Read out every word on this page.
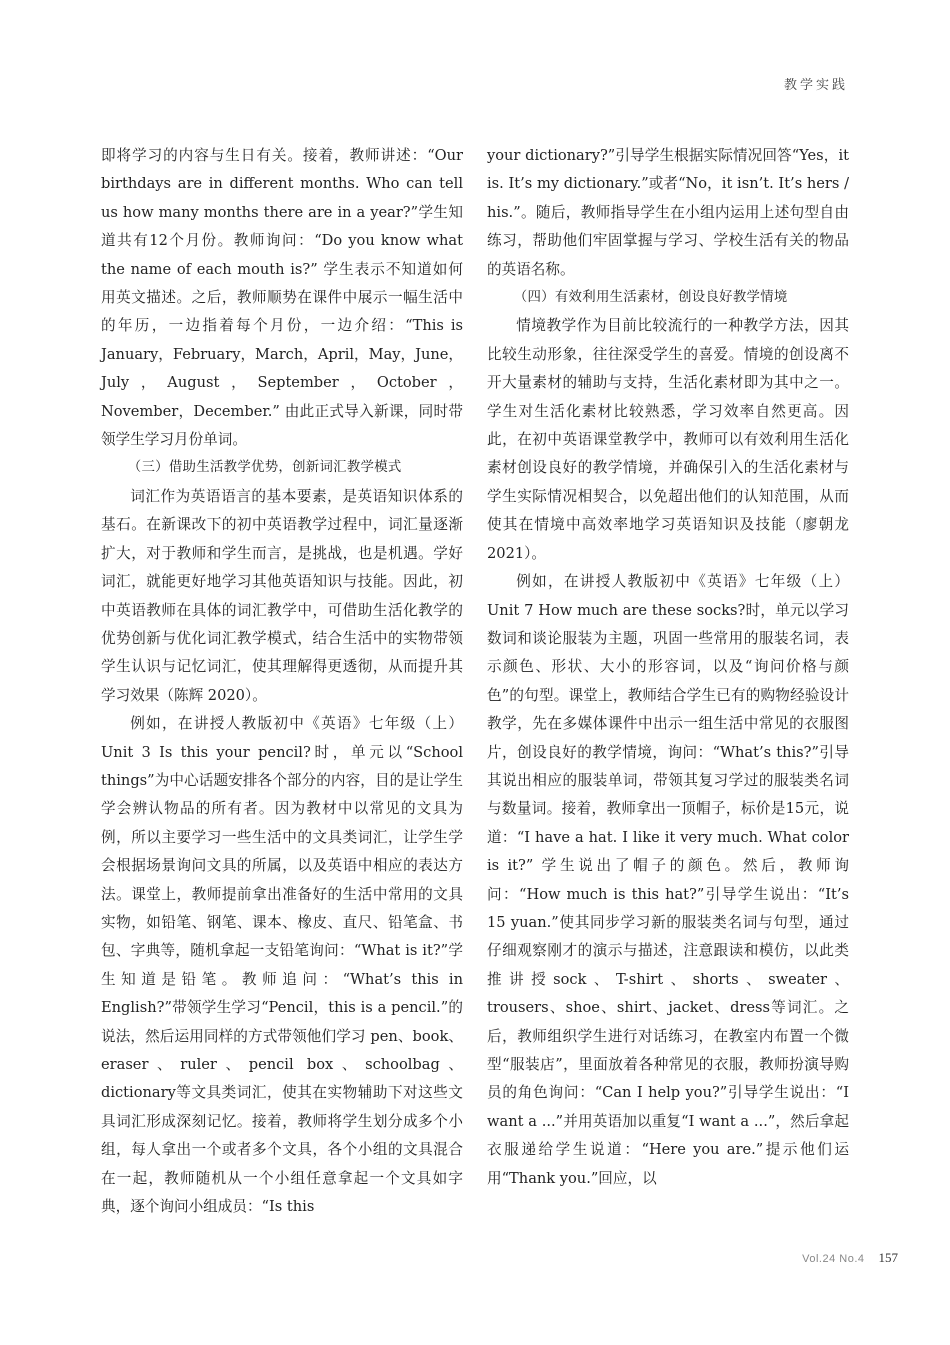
教学实践

即将学习的内容与生日有关。接着，教师讲述：“Our birthdays are in different months. Who can tell us how many months there are in a year?”学生知道共有12个月份。教师询问：“Do you know what the name of each mouth is?” 学生表示不知道如何用英文描述。之后，教师顺势在课件中展示一幅生活中的年历，一边指着每个月份，一边介绍：“This is January，February，March，April，May，June，July，August，September，October，November，December.” 由此正式导入新课，同时带领学生学习月份单词。

（三）借助生活教学优势，创新词汇教学模式

词汇作为英语语言的基本要素，是英语知识体系的基石。在新课改下的初中英语教学过程中，词汇量逐渐扩大，对于教师和学生而言，是挑战，也是机遇。学好词汇，就能更好地学习其他英语知识与技能。因此，初中英语教师在具体的词汇教学中，可借助生活化教学的优势创新与优化词汇教学模式，结合生活中的实物带领学生认识与记忆词汇，使其理解得更透彻，从而提升其学习效果（陈辉 2020）。

例如，在讲授人教版初中《英语》七年级（上）Unit 3 Is this your pencil?时，单元以“School things”为中心话题安排各个部分的内容，目的是让学生学会辨认物品的所有者。因为教材中以常见的文具为例，所以主要学习一些生活中的文具类词汇，让学生学会根据场景询问文具的所属，以及英语中相应的表达方法。课堂上，教师提前拿出准备好的生活中常用的文具实物，如铅笔、钢笔、课本、橡皮、直尺、铅笔盒、书包、字典等，随机拿起一支铅笔询问：“What is it?”学生知道是铅笔。教师追问：“What’s this in English?”带领学生学习“Pencil，this is a pencil.”的说法，然后运用同样的方式带领他们学习 pen、book、eraser、ruler、pencil box、schoolbag、dictionary等文具类词汇，使其在实物辅助下对这些文具词汇形成深刻记忆。接着，教师将学生划分成多个小组，每人拿出一个或者多个文具，各个小组的文具混合在一起，教师随机从一个小组任意拿起一个文具如字典，逐个询问小组成员：“Is this

your dictionary?”引导学生根据实际情况回答“Yes，it is. It’s my dictionary.”或者“No，it isn’t. It’s hers / his.”。随后，教师指导学生在小组内运用上述句型自由练习，帮助他们牢固掌握与学习、学校生活有关的物品的英语名称。

（四）有效利用生活素材，创设良好教学情境

情境教学作为目前比较流行的一种教学方法，因其比较生动形象，往往深受学生的喜爱。情境的创设离不开大量素材的辅助与支持，生活化素材即为其中之一。学生对生活化素材比较熟悉，学习效率自然更高。因此，在初中英语课堂教学中，教师可以有效利用生活化素材创设良好的教学情境，并确保引入的生活化素材与学生实际情况相契合，以免超出他们的认知范围，从而使其在情境中高效率地学习英语知识及技能（廖朝龙 2021）。

例如，在讲授人教版初中《英语》七年级（上）Unit 7 How much are these socks?时，单元以学习数词和谈论服装为主题，巩固一些常用的服装名词，表示颜色、形状、大小的形容词，以及“询问价格与颜色”的句型。课堂上，教师结合学生已有的购物经验设计教学，先在多媒体课件中出示一组生活中常见的衣服图片，创设良好的教学情境，询问：“What’s this?”引导其说出相应的服装单词，带领其复习学过的服装类名词与数量词。接着，教师拿出一顶帽子，标价是15元，说道：“I have a hat. I like it very much. What color is it?” 学生说出了帽子的颜色。然后，教师询问：“How much is this hat?”引导学生说出：“It’s 15 yuan.”使其同步学习新的服装类名词与句型，通过仔细观察刚才的演示与描述，注意跟读和模仿，以此类推讲授sock、T-shirt、shorts、sweater、trousers、shoe、shirt、jacket、dress等词汇。之后，教师组织学生进行对话练习，在教室内布置一个微型“服装店”，里面放着各种常见的衣服，教师扮演导购员的角色询问：“Can I help you?”引导学生说出：“I want a ...”并用英语加以重复“I want a ...”，然后拿起衣服递给学生说道：“Here you are.”提示他们运用“Thank you.”回应，以

Vol.24 No.4 157
